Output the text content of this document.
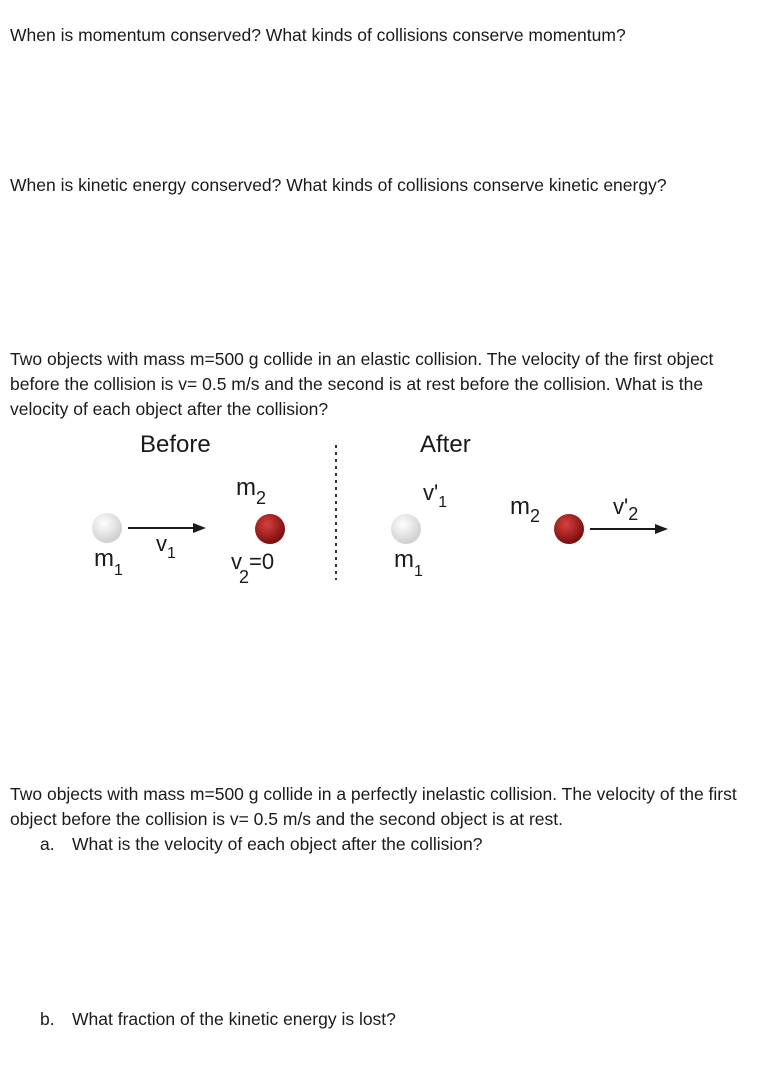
When is momentum conserved? What kinds of collisions conserve momentum?

When is kinetic energy conserved? What kinds of collisions conserve kinetic energy?

Two objects with mass m=500 g collide in an elastic collision. The velocity of the first object before the collision is v= 0.5 m/s and the second is at rest before the collision. What is the velocity of each object after the collision?

Before	After
$v_1$
$m_1$
$m_2$
v 2=0
$v'_1$
$m_1$
$m_2$	$v'_2$

Two objects with mass m=500 g collide in a perfectly inelastic collision. The velocity of the first object before the collision is v= 0.5 m/s and the second object is at rest.

a. What is the velocity of each object after the collision?
b. What fraction of the kinetic energy is lost?
